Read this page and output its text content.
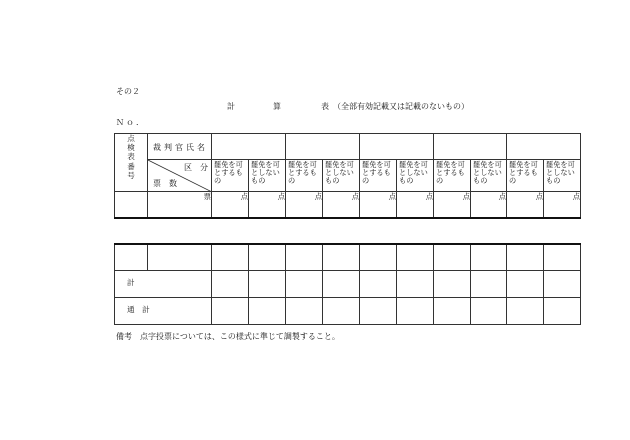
その２
計	算	表 （全部有効記載又は記載のないもの）
Ｎｏ．
点
検
表
番
号	裁判官氏名										

	区　分
票　数	罷免を可とするもの	罷免を可としないもの	罷免を可とするもの	罷免を可としないもの	罷免を可とするもの	罷免を可としないもの	罷免を可とするもの	罷免を可としないもの	罷免を可とするもの	罷免を可としないもの

	票	点	点	点	点	点	点	点	点	点	点

計											

通　計											

備考　点字投票については、この様式に準じて調製すること。
